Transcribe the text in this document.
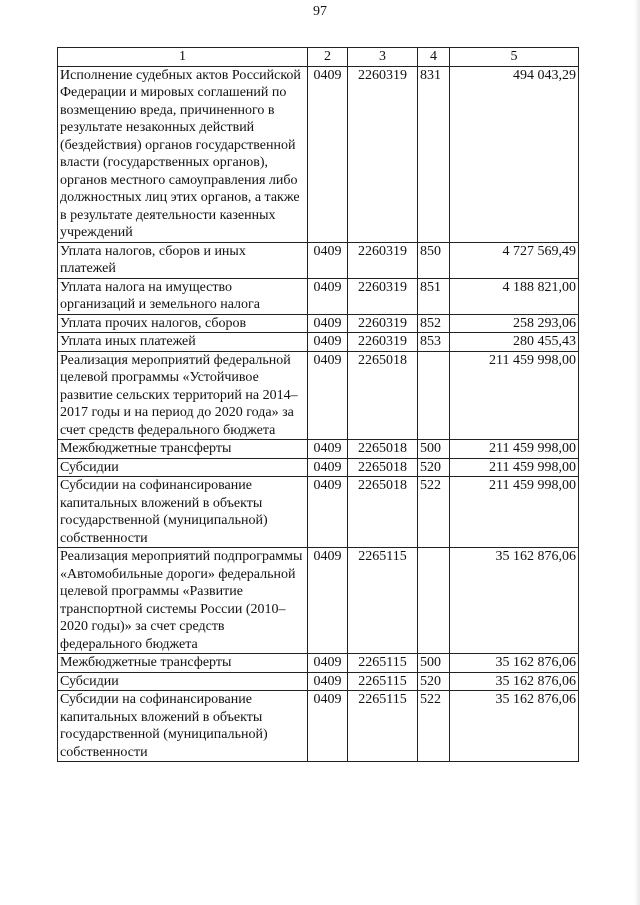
97
1	2	3	4	5
Исполнение судебных актов Российской Федерации и мировых соглашений по возмещению вреда, причиненного в результате незаконных действий (бездействия) органов государственной власти (государственных органов), органов местного самоуправления либо должностных лиц этих органов, а также в результате деятельности казенных учреждений	0409	2260319	831	494 043,29
Уплата налогов, сборов и иных платежей	0409	2260319	850	4 727 569,49
Уплата налога на имущество организаций и земельного налога	0409	2260319	851	4 188 821,00
Уплата прочих налогов, сборов	0409	2260319	852	258 293,06
Уплата иных платежей	0409	2260319	853	280 455,43
Реализация мероприятий федеральной целевой программы «Устойчивое развитие сельских территорий на 2014–2017 годы и на период до 2020 года» за счет средств федерального бюджета	0409	2265018		211 459 998,00
Межбюджетные трансферты	0409	2265018	500	211 459 998,00
Субсидии	0409	2265018	520	211 459 998,00
Субсидии на софинансирование капитальных вложений в объекты государственной (муниципальной) собственности	0409	2265018	522	211 459 998,00
Реализация мероприятий подпрограммы «Автомобильные дороги» федеральной целевой программы «Развитие транспортной системы России (2010–2020 годы)» за счет средств федерального бюджета	0409	2265115		35 162 876,06
Межбюджетные трансферты	0409	2265115	500	35 162 876,06
Субсидии	0409	2265115	520	35 162 876,06
Субсидии на софинансирование капитальных вложений в объекты государственной (муниципальной) собственности	0409	2265115	522	35 162 876,06
